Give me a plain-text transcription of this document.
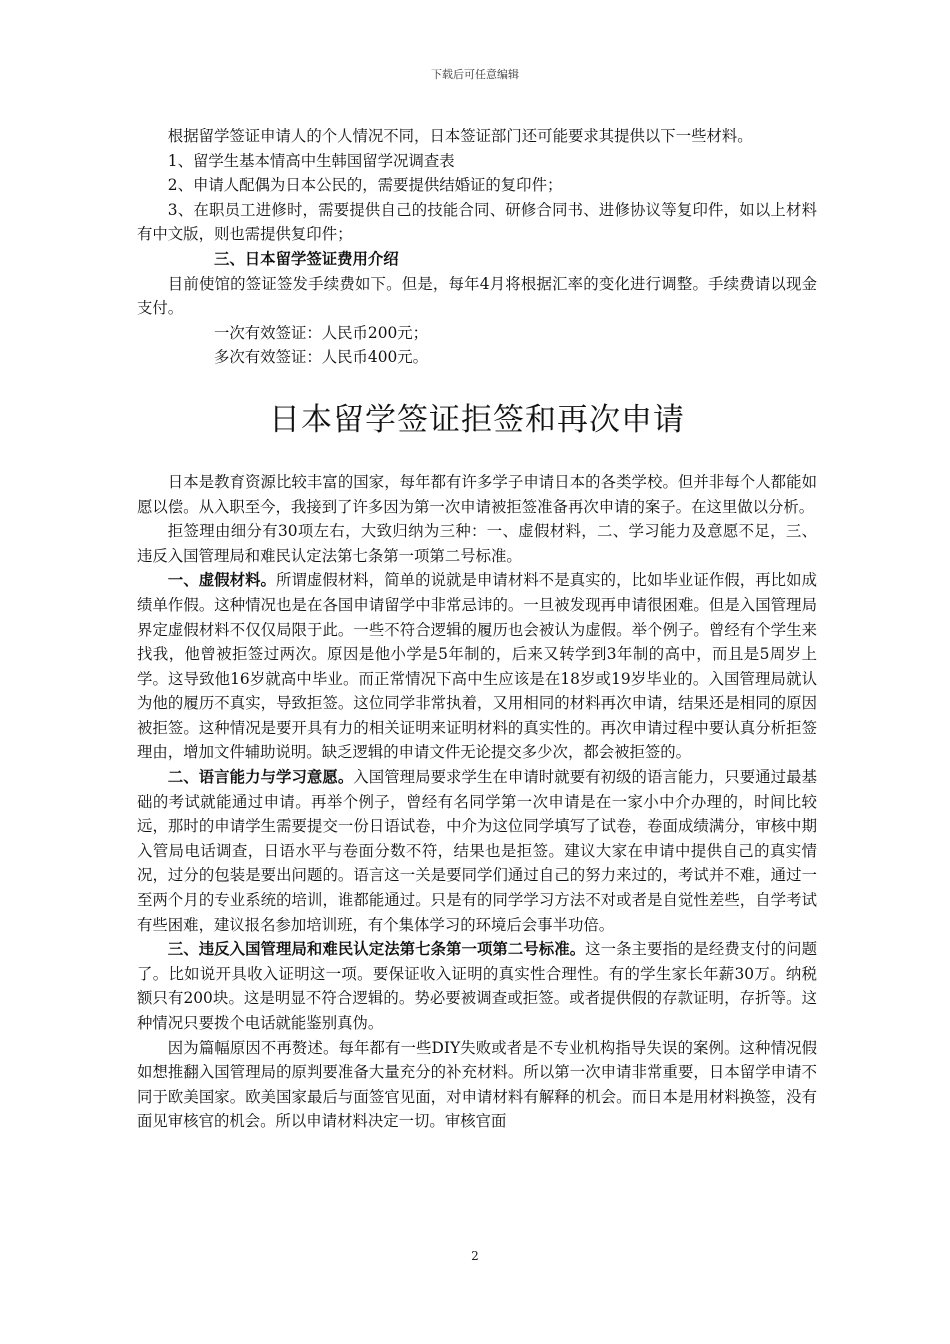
下载后可任意编辑

根据留学签证申请人的个人情况不同，日本签证部门还可能要求其提供以下一些材料。

1、留学生基本情高中生韩国留学况调查表

2、申请人配偶为日本公民的，需要提供结婚证的复印件；

3、在职员工进修时，需要提供自己的技能合同、研修合同书、进修协议等复印件，如以上材料有中文版，则也需提供复印件；

三、日本留学签证费用介绍

目前使馆的签证签发手续费如下。但是，每年4月将根据汇率的变化进行调整。手续费请以现金支付。

一次有效签证：人民币200元；

多次有效签证：人民币400元。

日本留学签证拒签和再次申请

日本是教育资源比较丰富的国家，每年都有许多学子申请日本的各类学校。但并非每个人都能如愿以偿。从入职至今，我接到了许多因为第一次申请被拒签准备再次申请的案子。在这里做以分析。

拒签理由细分有30项左右，大致归纳为三种：一、虚假材料，二、学习能力及意愿不足，三、违反入国管理局和难民认定法第七条第一项第二号标准。

一、虚假材料。所谓虚假材料，简单的说就是申请材料不是真实的，比如毕业证作假，再比如成绩单作假。这种情况也是在各国申请留学中非常忌讳的。一旦被发现再申请很困难。但是入国管理局界定虚假材料不仅仅局限于此。一些不符合逻辑的履历也会被认为虚假。举个例子。曾经有个学生来找我，他曾被拒签过两次。原因是他小学是5年制的，后来又转学到3年制的高中，而且是5周岁上学。这导致他16岁就高中毕业。而正常情况下高中生应该是在18岁或19岁毕业的。入国管理局就认为他的履历不真实，导致拒签。这位同学非常执着，又用相同的材料再次申请，结果还是相同的原因被拒签。这种情况是要开具有力的相关证明来证明材料的真实性的。再次申请过程中要认真分析拒签理由，增加文件辅助说明。缺乏逻辑的申请文件无论提交多少次，都会被拒签的。

二、语言能力与学习意愿。入国管理局要求学生在申请时就要有初级的语言能力，只要通过最基础的考试就能通过申请。再举个例子，曾经有名同学第一次申请是在一家小中介办理的，时间比较远，那时的申请学生需要提交一份日语试卷，中介为这位同学填写了试卷，卷面成绩满分，审核中期入管局电话调查，日语水平与卷面分数不符，结果也是拒签。建议大家在申请中提供自己的真实情况，过分的包装是要出问题的。语言这一关是要同学们通过自己的努力来过的，考试并不难，通过一至两个月的专业系统的培训，谁都能通过。只是有的同学学习方法不对或者是自觉性差些，自学考试有些困难，建议报名参加培训班，有个集体学习的环境后会事半功倍。

三、违反入国管理局和难民认定法第七条第一项第二号标准。这一条主要指的是经费支付的问题了。比如说开具收入证明这一项。要保证收入证明的真实性合理性。有的学生家长年薪30万。纳税额只有200块。这是明显不符合逻辑的。势必要被调查或拒签。或者提供假的存款证明，存折等。这种情况只要拨个电话就能鉴别真伪。

因为篇幅原因不再赘述。每年都有一些DIY失败或者是不专业机构指导失误的案例。这种情况假如想推翻入国管理局的原判要准备大量充分的补充材料。所以第一次申请非常重要，日本留学申请不同于欧美国家。欧美国家最后与面签官见面，对申请材料有解释的机会。而日本是用材料换签，没有面见审核官的机会。所以申请材料决定一切。审核官面

2
